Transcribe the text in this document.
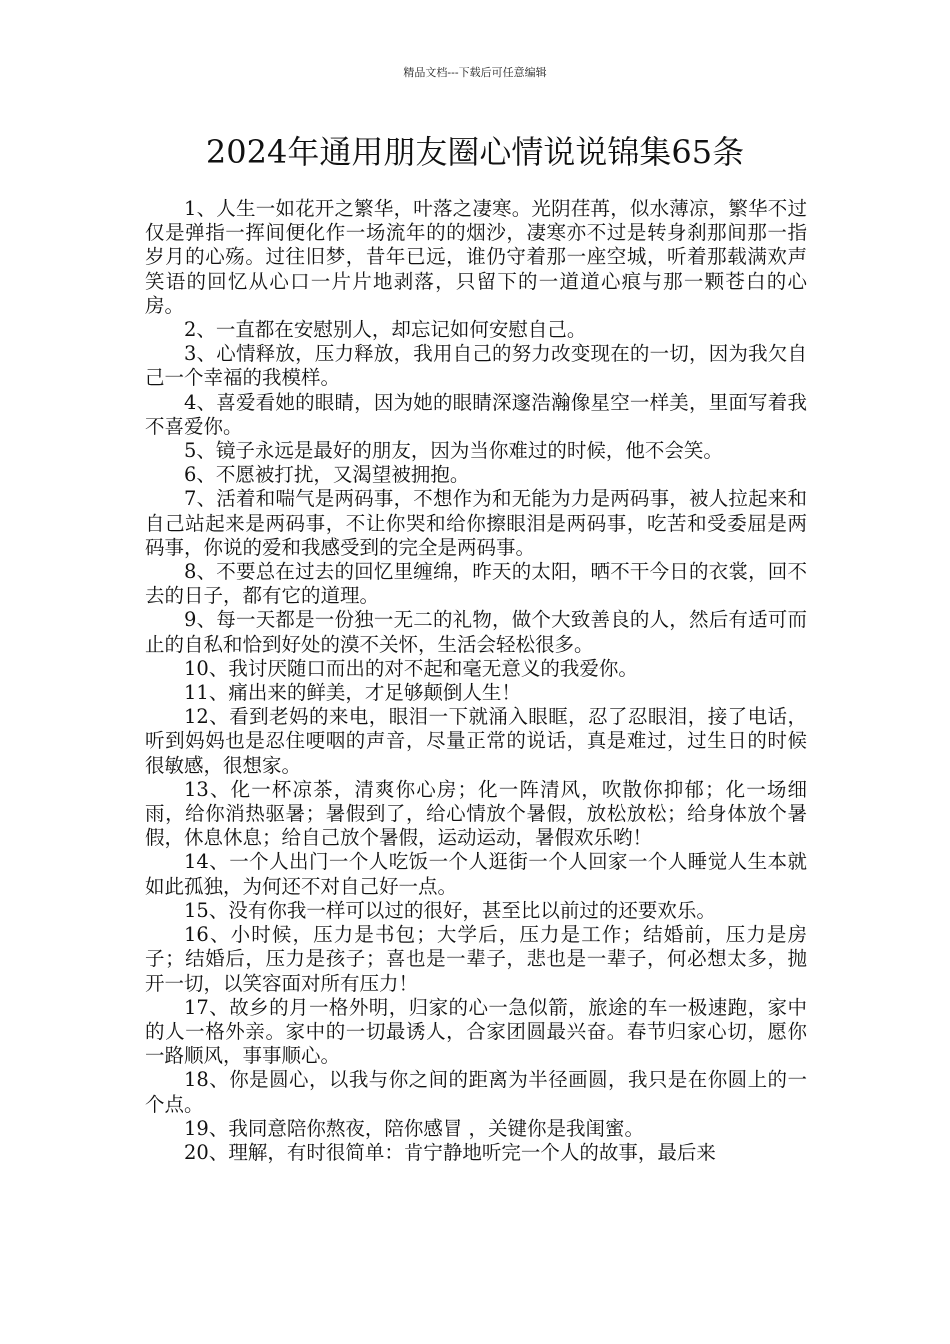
精品文档---下载后可任意编辑
2024年通用朋友圈心情说说锦集65条

1、人生一如花开之繁华，叶落之凄寒。光阴荏苒，似水薄凉，繁华不过仅是弹指一挥间便化作一场流年的的烟沙，凄寒亦不过是转身刹那间那一指岁月的心殇。过往旧梦，昔年已远，谁仍守着那一座空城，听着那载满欢声笑语的回忆从心口一片片地剥落，只留下的一道道心痕与那一颗苍白的心房。

2、一直都在安慰别人，却忘记如何安慰自己。

3、心情释放，压力释放，我用自己的努力改变现在的一切，因为我欠自己一个幸福的我模样。

4、喜爱看她的眼睛，因为她的眼睛深邃浩瀚像星空一样美，里面写着我不喜爱你。

5、镜子永远是最好的朋友，因为当你难过的时候，他不会笑。

6、不愿被打扰，又渴望被拥抱。

7、活着和喘气是两码事，不想作为和无能为力是两码事，被人拉起来和自己站起来是两码事，不让你哭和给你擦眼泪是两码事，吃苦和受委屈是两码事，你说的爱和我感受到的完全是两码事。

8、不要总在过去的回忆里缠绵，昨天的太阳，晒不干今日的衣裳，回不去的日子，都有它的道理。

9、每一天都是一份独一无二的礼物，做个大致善良的人，然后有适可而止的自私和恰到好处的漠不关怀，生活会轻松很多。

10、我讨厌随口而出的对不起和毫无意义的我爱你。

11、痛出来的鲜美，才足够颠倒人生！

12、看到老妈的来电，眼泪一下就涌入眼眶，忍了忍眼泪，接了电话，听到妈妈也是忍住哽咽的声音，尽量正常的说话，真是难过，过生日的时候很敏感，很想家。

13、化一杯凉茶，清爽你心房；化一阵清风，吹散你抑郁；化一场细雨，给你消热驱暑；暑假到了，给心情放个暑假，放松放松；给身体放个暑假，休息休息；给自己放个暑假，运动运动，暑假欢乐哟！

14、一个人出门一个人吃饭一个人逛街一个人回家一个人睡觉人生本就如此孤独，为何还不对自己好一点。

15、没有你我一样可以过的很好，甚至比以前过的还要欢乐。

16、小时候，压力是书包；大学后，压力是工作；结婚前，压力是房子；结婚后，压力是孩子；喜也是一辈子，悲也是一辈子，何必想太多，抛开一切，以笑容面对所有压力！

17、故乡的月一格外明，归家的心一急似箭，旅途的车一极速跑，家中的人一格外亲。家中的一切最诱人，合家团圆最兴奋。春节归家心切，愿你一路顺风，事事顺心。

18、你是圆心，以我与你之间的距离为半径画圆，我只是在你圆上的一个点。

19、我同意陪你熬夜，陪你感冒 ，关键你是我闺蜜。

20、理解，有时很简单：肯宁静地听完一个人的故事，最后来
